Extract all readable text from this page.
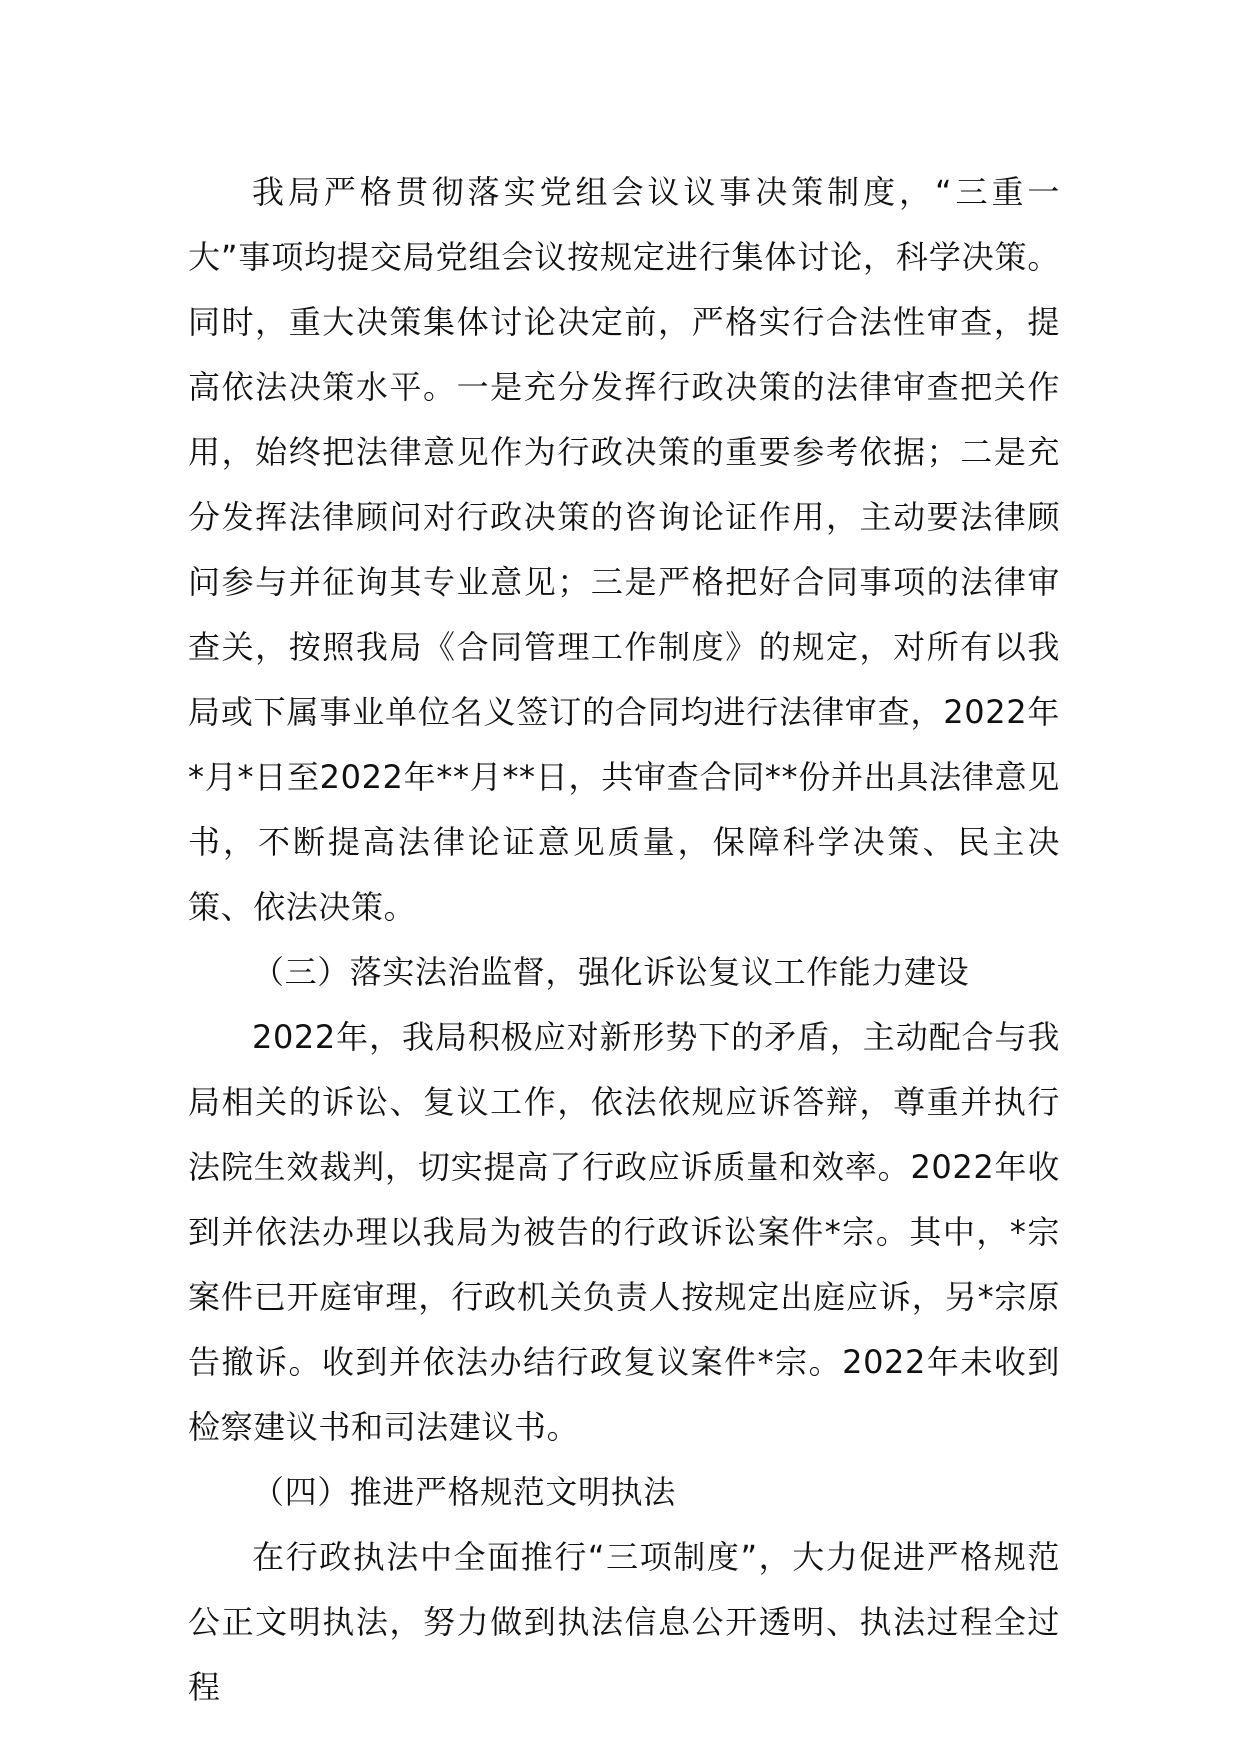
我局严格贯彻落实党组会议议事决策制度，“三重一大”事项均提交局党组会议按规定进行集体讨论，科学决策。同时，重大决策集体讨论决定前，严格实行合法性审查，提高依法决策水平。一是充分发挥行政决策的法律审查把关作用，始终把法律意见作为行政决策的重要参考依据；二是充分发挥法律顾问对行政决策的咨询论证作用，主动要法律顾问参与并征询其专业意见；三是严格把好合同事项的法律审查关，按照我局《合同管理工作制度》的规定，对所有以我局或下属事业单位名义签订的合同均进行法律审查，2022年*月*日至2022年**月**日，共审查合同**份并出具法律意见书，不断提高法律论证意见质量，保障科学决策、民主决策、依法决策。

（三）落实法治监督，强化诉讼复议工作能力建设

2022年，我局积极应对新形势下的矛盾，主动配合与我局相关的诉讼、复议工作，依法依规应诉答辩，尊重并执行法院生效裁判，切实提高了行政应诉质量和效率。2022年收到并依法办理以我局为被告的行政诉讼案件*宗。其中，*宗案件已开庭审理，行政机关负责人按规定出庭应诉，另*宗原告撤诉。收到并依法办结行政复议案件*宗。2022年未收到检察建议书和司法建议书。

（四）推进严格规范文明执法

在行政执法中全面推行“三项制度”，大力促进严格规范公正文明执法，努力做到执法信息公开透明、执法过程全过程
